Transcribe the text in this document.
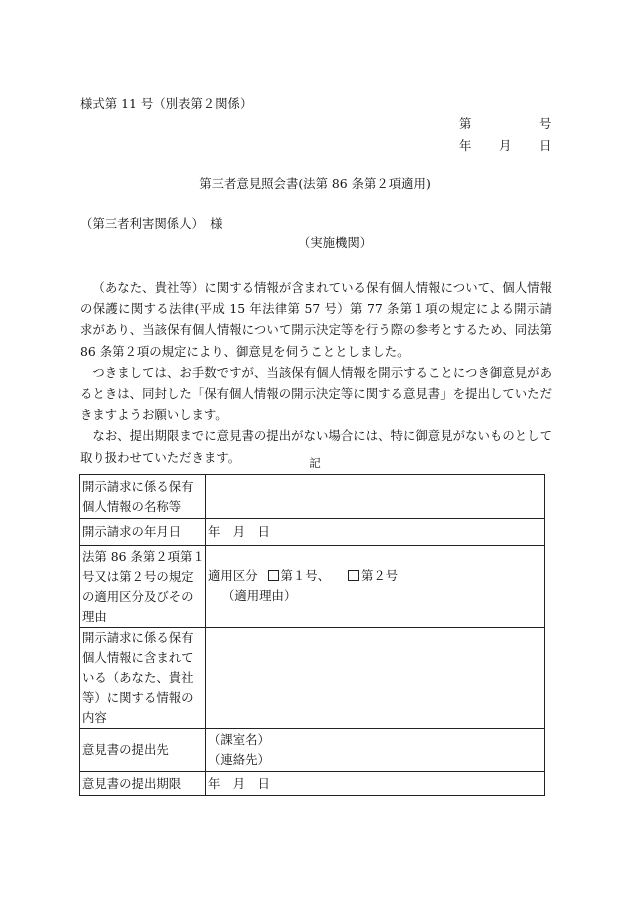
様式第 11 号（別表第２関係）
第	号
年 月 日
第三者意見照会書(法第 86 条第２項適用)
（第三者利害関係人）　様
（実施機関）

（あなた、貴社等）に関する情報が含まれている保有個人情報について、個人情報の保護に関する法律(平成 15 年法律第 57 号）第 77 条第１項の規定による開示請求があり、当該保有個人情報について開示決定等を行う際の参考とするため、同法第 86 条第２項の規定により、御意見を伺うこととしました。

つきましては、お手数ですが、当該保有個人情報を開示することにつき御意見があるときは、同封した「保有個人情報の開示決定等に関する意見書」を提出していただきますようお願いします。

なお、提出期限までに意見書の提出がない場合には、特に御意見がないものとして取り扱わせていただきます。	記
開示請求に係る保有
個人情報の名称等	

開示請求の年月日	年　月　日

法第 86 条第２項第１
号又は第２号の規定
の適用区分及びその
理由	適用区分 第１号、 第２号
（適用理由）

開示請求に係る保有
個人情報に含まれて
いる（あなた、貴社
等）に関する情報の
内容	

意見書の提出先	（課室名）
（連絡先）

意見書の提出期限	年　月　日
